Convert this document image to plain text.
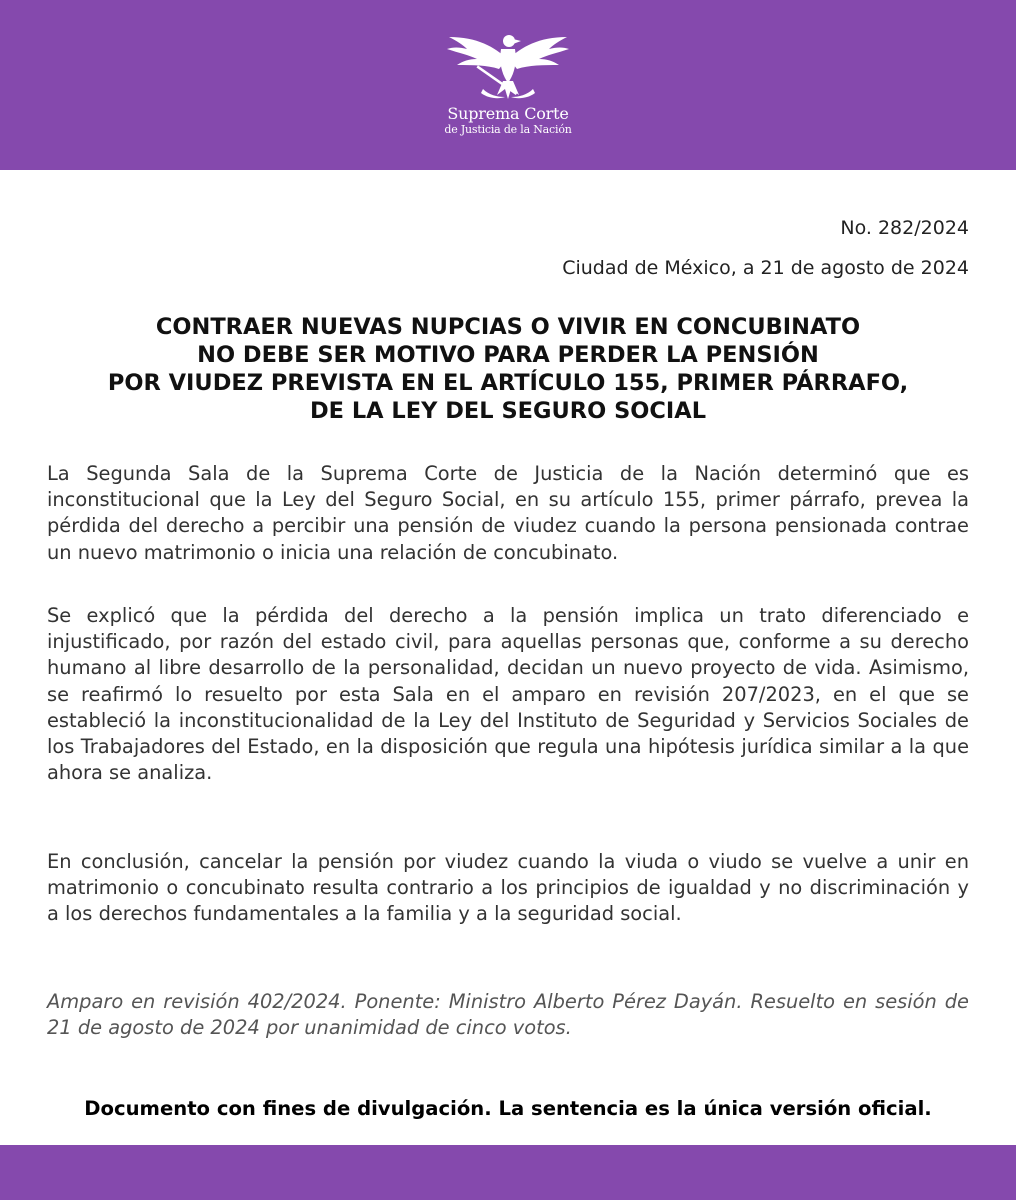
Suprema Corte
de Justicia de la Nación
No. 282/2024
Ciudad de México, a 21 de agosto de 2024
CONTRAER NUEVAS NUPCIAS O VIVIR EN CONCUBINATO
NO DEBE SER MOTIVO PARA PERDER LA PENSIÓN
POR VIUDEZ PREVISTA EN EL ARTÍCULO 155, PRIMER PÁRRAFO,
DE LA LEY DEL SEGURO SOCIAL

La Segunda Sala de la Suprema Corte de Justicia de la Nación determinó que es inconstitucional que la Ley del Seguro Social, en su artículo 155, primer párrafo, prevea la pérdida del derecho a percibir una pensión de viudez cuando la persona pensionada contrae un nuevo matrimonio o inicia una relación de concubinato.

Se explicó que la pérdida del derecho a la pensión implica un trato diferenciado e injustificado, por razón del estado civil, para aquellas personas que, conforme a su derecho humano al libre desarrollo de la personalidad, decidan un nuevo proyecto de vida. Asimismo, se reafirmó lo resuelto por esta Sala en el amparo en revisión 207/2023, en el que se estableció la inconstitucionalidad de la Ley del Instituto de Seguridad y Servicios Sociales de los Trabajadores del Estado, en la disposición que regula una hipótesis jurídica similar a la que ahora se analiza.

En conclusión, cancelar la pensión por viudez cuando la viuda o viudo se vuelve a unir en matrimonio o concubinato resulta contrario a los principios de igualdad y no discriminación y a los derechos fundamentales a la familia y a la seguridad social.

Amparo en revisión 402/2024. Ponente: Ministro Alberto Pérez Dayán. Resuelto en sesión de 21 de agosto de 2024 por unanimidad de cinco votos.

Documento con fines de divulgación. La sentencia es la única versión oficial.
